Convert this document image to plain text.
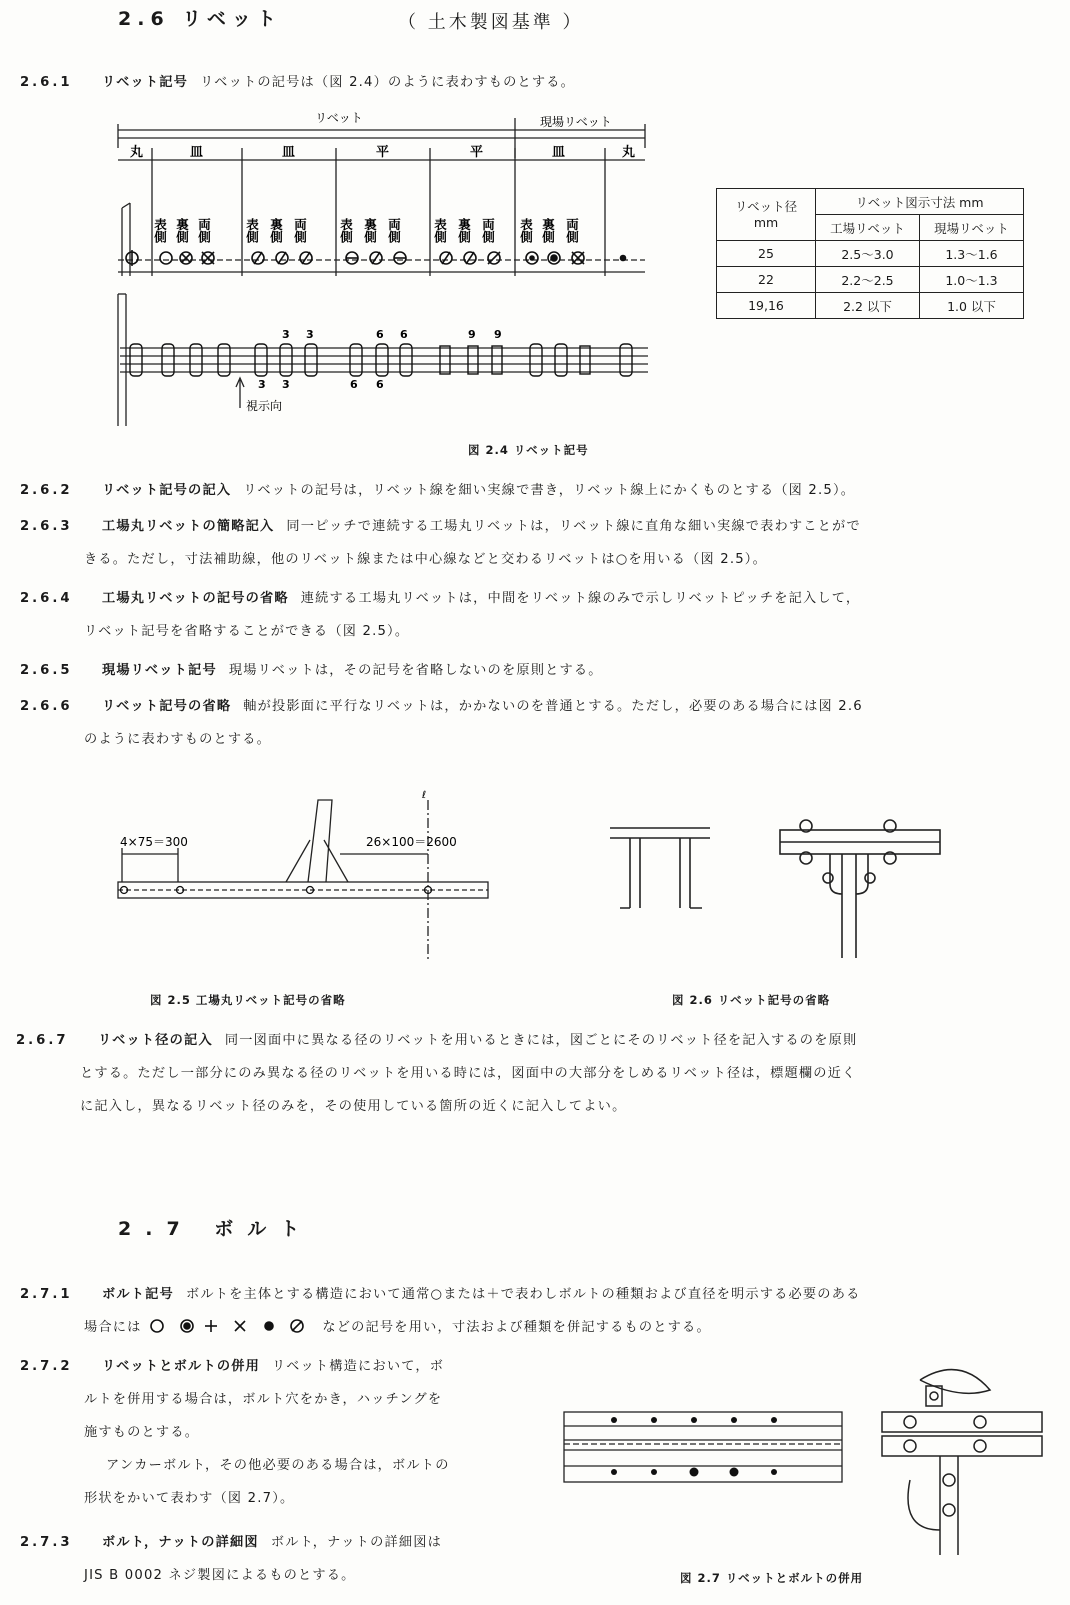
2.6 リベット	（ 土木製図基準 ）
2.6.1 リベット記号 リベットの記号は（図 2.4）のように表わすものとする。
リベット	現場リベット
丸	皿	皿	平	平	皿	丸
表側 裏側 両側	表側 裏側 両側 表側 裏側 両側 表側 裏側 両側 表側 裏側 両側
3
3 3
3
6 6
6 6	9 9
視示向
リベット径 mm	リベット図示寸法 mm	
	工場リベット	現場リベット
25	2.5～3.0	1.3～1.6
22	2.2～2.5	1.0～1.3
19,16	2.2 以下	1.0 以下
図 2.4 リベット記号
2.6.2 リベット記号の記入 リベットの記号は，リベット線を細い実線で書き，リベット線上にかくものとする（図 2.5）。
2.6.3 工場丸リベットの簡略記入 同一ピッチで連続する工場丸リベットは，リベット線に直角な細い実線で表わすことがで
きる。ただし，寸法補助線，他のリベット線または中心線などと交わるリベットは○を用いる（図 2.5）。
2.6.4 工場丸リベットの記号の省略 連続する工場丸リベットは，中間をリベット線のみで示しリベットピッチを記入して，
リベット記号を省略することができる（図 2.5）。
2.6.5 現場リベット記号 現場リベットは，その記号を省略しないのを原則とする。
2.6.6 リベット記号の省略 軸が投影面に平行なリベットは，かかないのを普通とする。ただし，必要のある場合には図 2.6
のように表わすものとする。
4×75＝300	26×100＝2600
ℓ
図 2.5 工場丸リベット記号の省略	図 2.6 リベット記号の省略
2.6.7 リベット径の記入 同一図面中に異なる径のリベットを用いるときには，図ごとにそのリベット径を記入するのを原則
とする。ただし一部分にのみ異なる径のリベットを用いる時には，図面中の大部分をしめるリベット径は，標題欄の近く
に記入し，異なるリベット径のみを，その使用している箇所の近くに記入してよい。
2.7 ボルト
2.7.1 ボルト記号 ボルトを主体とする構造において通常○または＋で表わしボルトの種類および直径を明示する必要のある
場合には	などの記号を用い，寸法および種類を併記するものとする。
2.7.2 リベットとボルトの併用 リベット構造において，ボ
ルトを併用する場合は，ボルト穴をかき，ハッチングを
施すものとする。
アンカーボルト，その他必要のある場合は，ボルトの
形状をかいて表わす（図 2.7）。
2.7.3 ボルト，ナットの詳細図 ボルト，ナットの詳細図は
JIS B 0002 ネジ製図によるものとする。	図 2.7 リベットとボルトの併用
